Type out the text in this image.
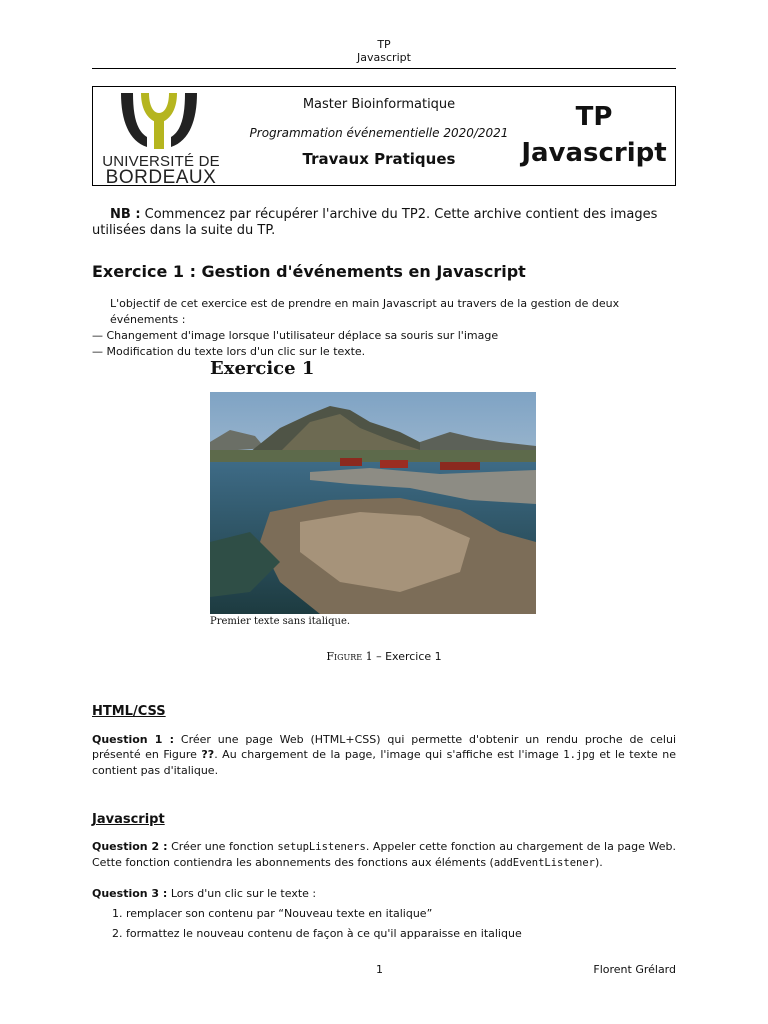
TP
Javascript
UNIVERSITÉ DE
BORDEAUX
Master Bioinformatique
Programmation événementielle 2020/2021
Travaux Pratiques
TP
Javascript
NB : Commencez par récupérer l'archive du TP2. Cette archive contient des images utilisées dans la suite du TP.
Exercice 1 : Gestion d'événements en Javascript
L'objectif de cet exercice est de prendre en main Javascript au travers de la gestion de deux événements :
— Changement d'image lorsque l'utilisateur déplace sa souris sur l'image
— Modification du texte lors d'un clic sur le texte.
Exercice 1
Premier texte sans italique.
Figure 1 – Exercice 1
HTML/CSS
Question 1 : Créer une page Web (HTML+CSS) qui permette d'obtenir un rendu proche de celui présenté en Figure ??. Au chargement de la page, l'image qui s'affiche est l'image 1.jpg et le texte ne contient pas d'italique.
Javascript
Question 2 : Créer une fonction setupListeners. Appeler cette fonction au chargement de la page Web. Cette fonction contiendra les abonnements des fonctions aux éléments (addEventListener).
Question 3 : Lors d'un clic sur le texte :
1. remplacer son contenu par “Nouveau texte en italique”
2. formattez le nouveau contenu de façon à ce qu'il apparaisse en italique
1	Florent Grélard
